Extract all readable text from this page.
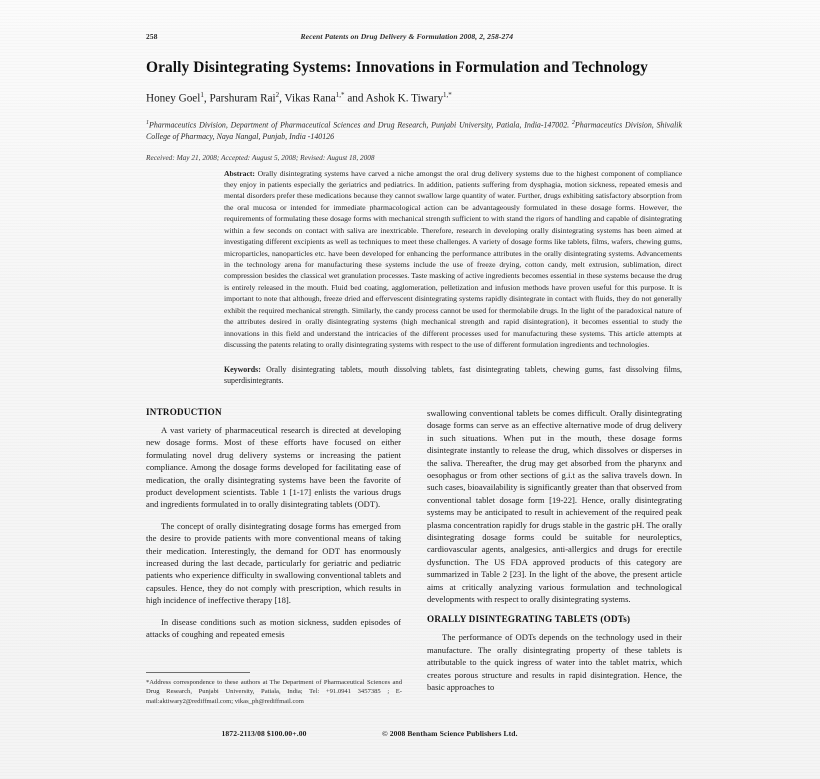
258	Recent Patents on Drug Delivery & Formulation 2008, 2, 258-274
Orally Disintegrating Systems: Innovations in Formulation and Technology
Honey Goel$^1$, Parshuram Rai$^2$, Vikas Rana$^{1,*}$ and Ashok K. Tiwary$^{1,*}$
$^1$Pharmaceutics Division, Department of Pharmaceutical Sciences and Drug Research, Punjabi University, Patiala, India-147002. $^2$Pharmaceutics Division, Shivalik College of Pharmacy, Naya Nangal, Punjab, India -140126
Received: May 21, 2008; Accepted: August 5, 2008; Revised: August 18, 2008

Abstract: Orally disintegrating systems have carved a niche amongst the oral drug delivery systems due to the highest component of compliance they enjoy in patients especially the geriatrics and pediatrics. In addition, patients suffering from dysphagia, motion sickness, repeated emesis and mental disorders prefer these medications because they cannot swallow large quantity of water. Further, drugs exhibiting satisfactory absorption from the oral mucosa or intended for immediate pharmacological action can be advantageously formulated in these dosage forms. However, the requirements of formulating these dosage forms with mechanical strength sufficient to with stand the rigors of handling and capable of disintegrating within a few seconds on contact with saliva are inextricable. Therefore, research in developing orally disintegrating systems has been aimed at investigating different excipients as well as techniques to meet these challenges. A variety of dosage forms like tablets, films, wafers, chewing gums, microparticles, nanoparticles etc. have been developed for enhancing the performance attributes in the orally disintegrating systems. Advancements in the technology arena for manufacturing these systems include the use of freeze drying, cotton candy, melt extrusion, sublimation, direct compression besides the classical wet granulation processes. Taste masking of active ingredients becomes essential in these systems because the drug is entirely released in the mouth. Fluid bed coating, agglomeration, pelletization and infusion methods have proven useful for this purpose. It is important to note that although, freeze dried and effervescent disintegrating systems rapidly disintegrate in contact with fluids, they do not generally exhibit the required mechanical strength. Similarly, the candy process cannot be used for thermolabile drugs. In the light of the paradoxical nature of the attributes desired in orally disintegrating systems (high mechanical strength and rapid disintegration), it becomes essential to study the innovations in this field and understand the intricacies of the different processes used for manufacturing these systems. This article attempts at discussing the patents relating to orally disintegrating systems with respect to the use of different formulation ingredients and technologies.

Keywords: Orally disintegrating tablets, mouth dissolving tablets, fast disintegrating tablets, chewing gums, fast dissolving films, superdisintegrants.

INTRODUCTION

A vast variety of pharmaceutical research is directed at developing new dosage forms. Most of these efforts have focused on either formulating novel drug delivery systems or increasing the patient compliance. Among the dosage forms developed for facilitating ease of medication, the orally disintegrating systems have been the favorite of product development scientists. Table 1 [1-17] enlists the various drugs and ingredients formulated in to orally disintegrating tablets (ODT).

The concept of orally disintegrating dosage forms has emerged from the desire to provide patients with more conventional means of taking their medication. Interestingly, the demand for ODT has enormously increased during the last decade, particularly for geriatric and pediatric patients who experience difficulty in swallowing conventional tablets and capsules. Hence, they do not comply with prescription, which results in high incidence of ineffective therapy [18].

In disease conditions such as motion sickness, sudden episodes of attacks of coughing and repeated emesis

swallowing conventional tablets be comes difficult. Orally disintegrating dosage forms can serve as an effective alternative mode of drug delivery in such situations. When put in the mouth, these dosage forms disintegrate instantly to release the drug, which dissolves or disperses in the saliva. Thereafter, the drug may get absorbed from the pharynx and oesophagus or from other sections of g.i.t as the saliva travels down. In such cases, bioavailability is significantly greater than that observed from conventional tablet dosage form [19-22]. Hence, orally disintegrating systems may be anticipated to result in achievement of the required peak plasma concentration rapidly for drugs stable in the gastric pH. The orally disintegrating dosage forms could be suitable for neuroleptics, cardiovascular agents, analgesics, anti-allergics and drugs for erectile dysfunction. The US FDA approved products of this category are summarized in Table 2 [23]. In the light of the above, the present article aims at critically analyzing various formulation and technological developments with respect to orally disintegrating systems.

ORALLY DISINTEGRATING TABLETS (ODTs)

The performance of ODTs depends on the technology used in their manufacture. The orally disintegrating property of these tablets is attributable to the quick ingress of water into the tablet matrix, which creates porous structure and results in rapid disintegration. Hence, the basic approaches to

*Address correspondence to these authors at The Department of Pharmaceutical Sciences and Drug Research, Punjabi University, Patiala, India; Tel: +91.0941 3457385 ; E-mail:aktiwary2@rediffmail.com; vikas_ph@rediffmail.com
1872-2113/08 $100.00+.00	© 2008 Bentham Science Publishers Ltd.
